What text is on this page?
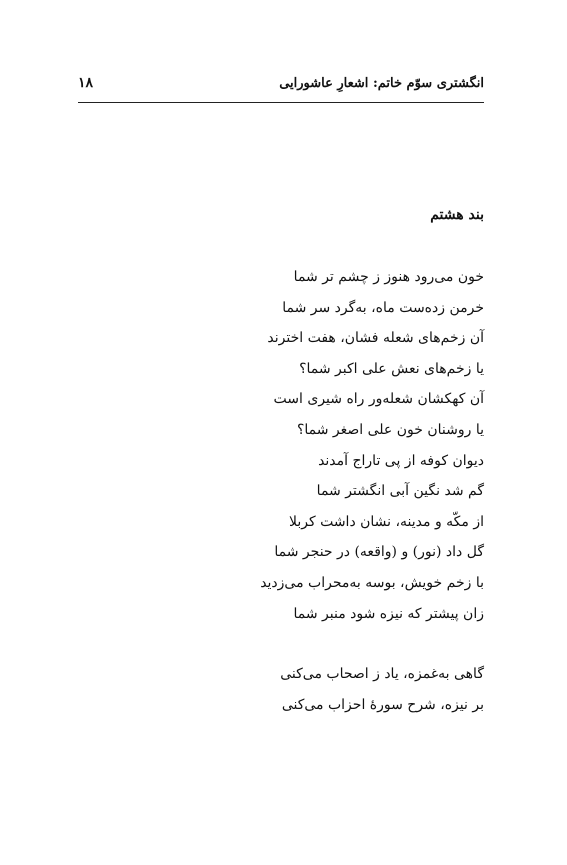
انگشتری سوّم خاتم: اشعارِ عاشورایی
۱۸
بند هشتم
خون می‌رود هنوز ز چشم تر شما
خرمن زده‌ست ماه، به‌گرد سر شما
آن زخم‌های شعله فشان، هفت اخترند
یا زخم‌های نعش علی اکبر شما؟
آن کهکشان شعله‌ور راه شیری است
یا روشنان خون علی اصغر شما؟
دیوان کوفه از پی تاراج آمدند
گم شد نگین آبی انگشتر شما
از مکّه و مدینه، نشان داشت کربلا
گل داد (نور) و (واقعه) در حنجر شما
با زخم خویش، بوسه به‌محراب می‌زدید
زان پیشتر که نیزه شود منبر شما
گاهی به‌غمزه، یاد ز اصحاب می‌کنی
بر نیزه، شرح سورهٔ احزاب می‌کنی
